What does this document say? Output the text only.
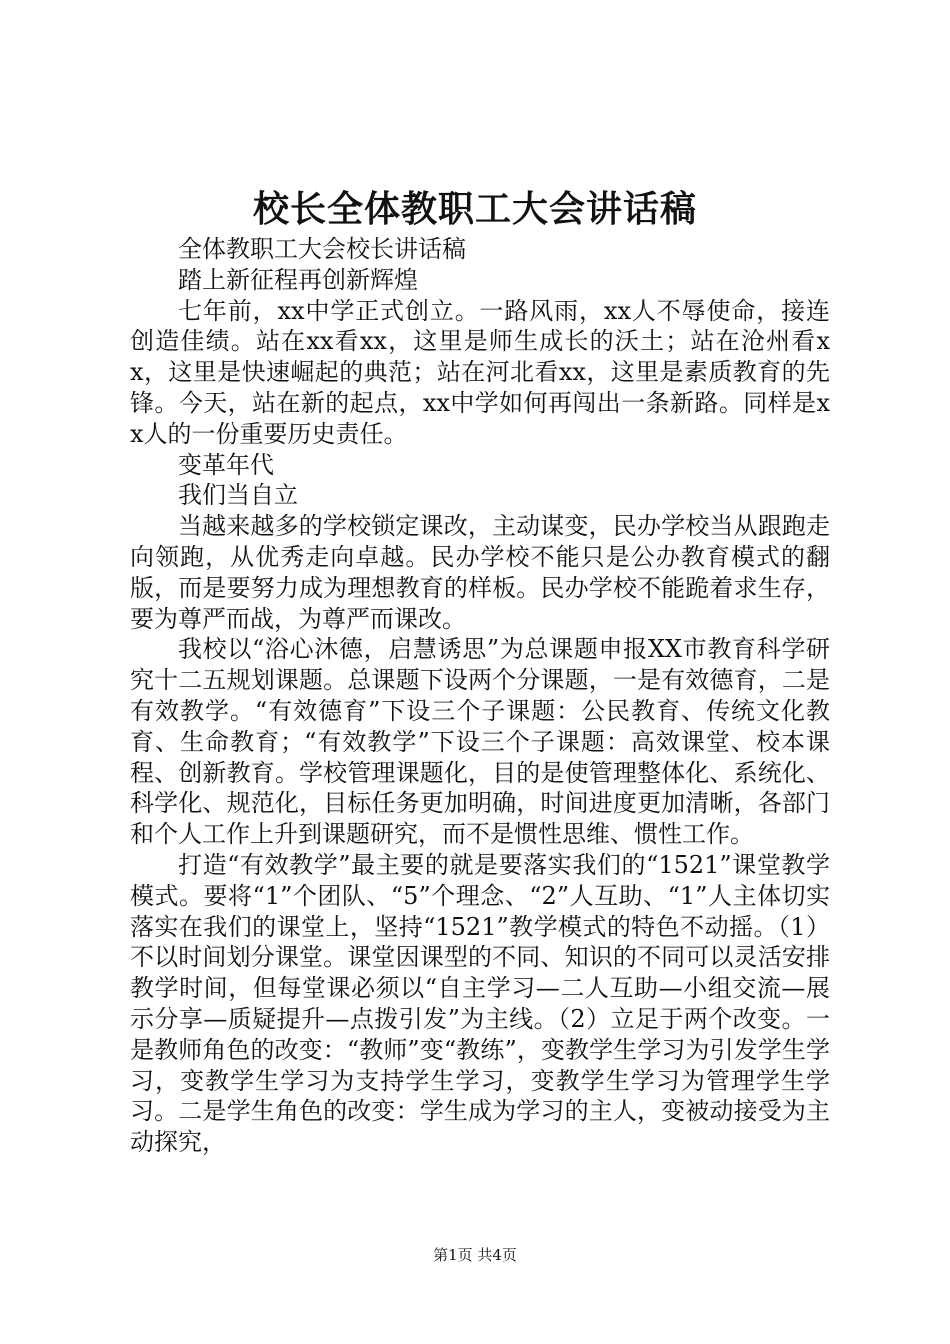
校长全体教职工大会讲话稿

全体教职工大会校长讲话稿

踏上新征程再创新辉煌

七年前，xx中学正式创立。一路风雨，xx人不辱使命，接连创造佳绩。站在xx看xx，这里是师生成长的沃土；站在沧州看xx，这里是快速崛起的典范；站在河北看xx，这里是素质教育的先锋。今天，站在新的起点，xx中学如何再闯出一条新路。同样是xx人的一份重要历史责任。

变革年代

我们当自立

当越来越多的学校锁定课改，主动谋变，民办学校当从跟跑走向领跑，从优秀走向卓越。民办学校不能只是公办教育模式的翻版，而是要努力成为理想教育的样板。民办学校不能跪着求生存，要为尊严而战，为尊严而课改。

我校以“浴心沐德，启慧诱思”为总课题申报XX市教育科学研究十二五规划课题。总课题下设两个分课题，一是有效德育，二是有效教学。“有效德育”下设三个子课题：公民教育、传统文化教育、生命教育；“有效教学”下设三个子课题：高效课堂、校本课程、创新教育。学校管理课题化，目的是使管理整体化、系统化、科学化、规范化，目标任务更加明确，时间进度更加清晰，各部门和个人工作上升到课题研究，而不是惯性思维、惯性工作。

打造“有效教学”最主要的就是要落实我们的“1521”课堂教学模式。要将“1”个团队、“5”个理念、“2”人互助、“1”人主体切实落实在我们的课堂上，坚持“1521”教学模式的特色不动摇。（1）不以时间划分课堂。课堂因课型的不同、知识的不同可以灵活安排教学时间，但每堂课必须以“自主学习—二人互助—小组交流—展示分享—质疑提升—点拨引发”为主线。（2）立足于两个改变。一是教师角色的改变：“教师”变“教练”，变教学生学习为引发学生学习，变教学生学习为支持学生学习，变教学生学习为管理学生学习。二是学生角色的改变：学生成为学习的主人，变被动接受为主动探究，

第1页 共4页
